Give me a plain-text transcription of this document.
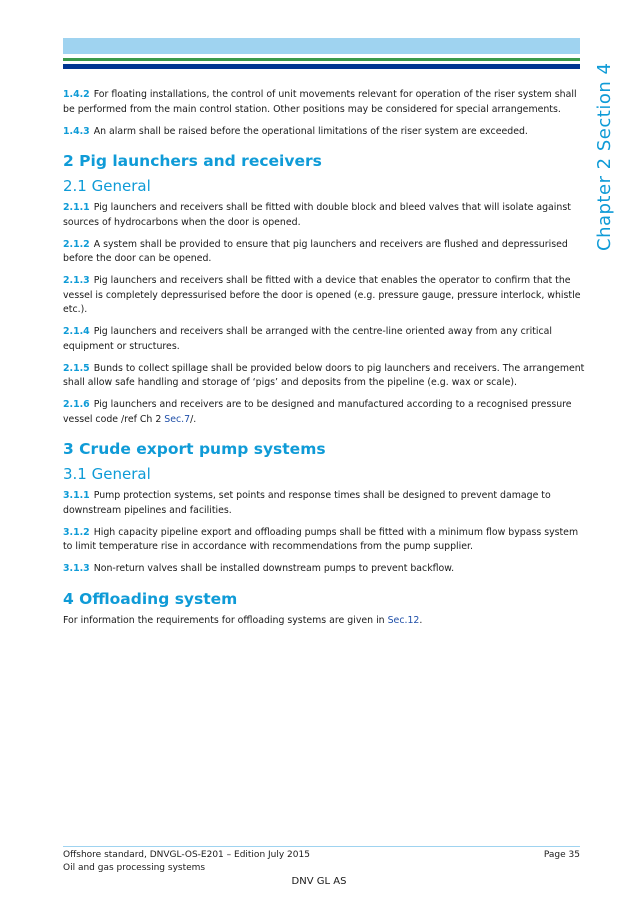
Chapter 2 Section 4

1.4.2 For floating installations, the control of unit movements relevant for operation of the riser system shall be performed from the main control station. Other positions may be considered for special arrangements.

1.4.3 An alarm shall be raised before the operational limitations of the riser system are exceeded.

2 Pig launchers and receivers
2.1 General

2.1.1 Pig launchers and receivers shall be fitted with double block and bleed valves that will isolate against sources of hydrocarbons when the door is opened.

2.1.2 A system shall be provided to ensure that pig launchers and receivers are flushed and depressurised before the door can be opened.

2.1.3 Pig launchers and receivers shall be fitted with a device that enables the operator to confirm that the vessel is completely depressurised before the door is opened (e.g. pressure gauge, pressure interlock, whistle etc.).

2.1.4 Pig launchers and receivers shall be arranged with the centre-line oriented away from any critical equipment or structures.

2.1.5 Bunds to collect spillage shall be provided below doors to pig launchers and receivers. The arrangement shall allow safe handling and storage of ‘pigs’ and deposits from the pipeline (e.g. wax or scale).

2.1.6 Pig launchers and receivers are to be designed and manufactured according to a recognised pressure vessel code /ref Ch 2 Sec.7/.

3 Crude export pump systems
3.1 General

3.1.1 Pump protection systems, set points and response times shall be designed to prevent damage to downstream pipelines and facilities.

3.1.2 High capacity pipeline export and offloading pumps shall be fitted with a minimum flow bypass system to limit temperature rise in accordance with recommendations from the pump supplier.

3.1.3 Non-return valves shall be installed downstream pumps to prevent backflow.

4 Offloading system

For information the requirements for offloading systems are given in Sec.12.

Offshore standard, DNVGL-OS-E201 – Edition July 2015
Oil and gas processing systems
Page 35
DNV GL AS
